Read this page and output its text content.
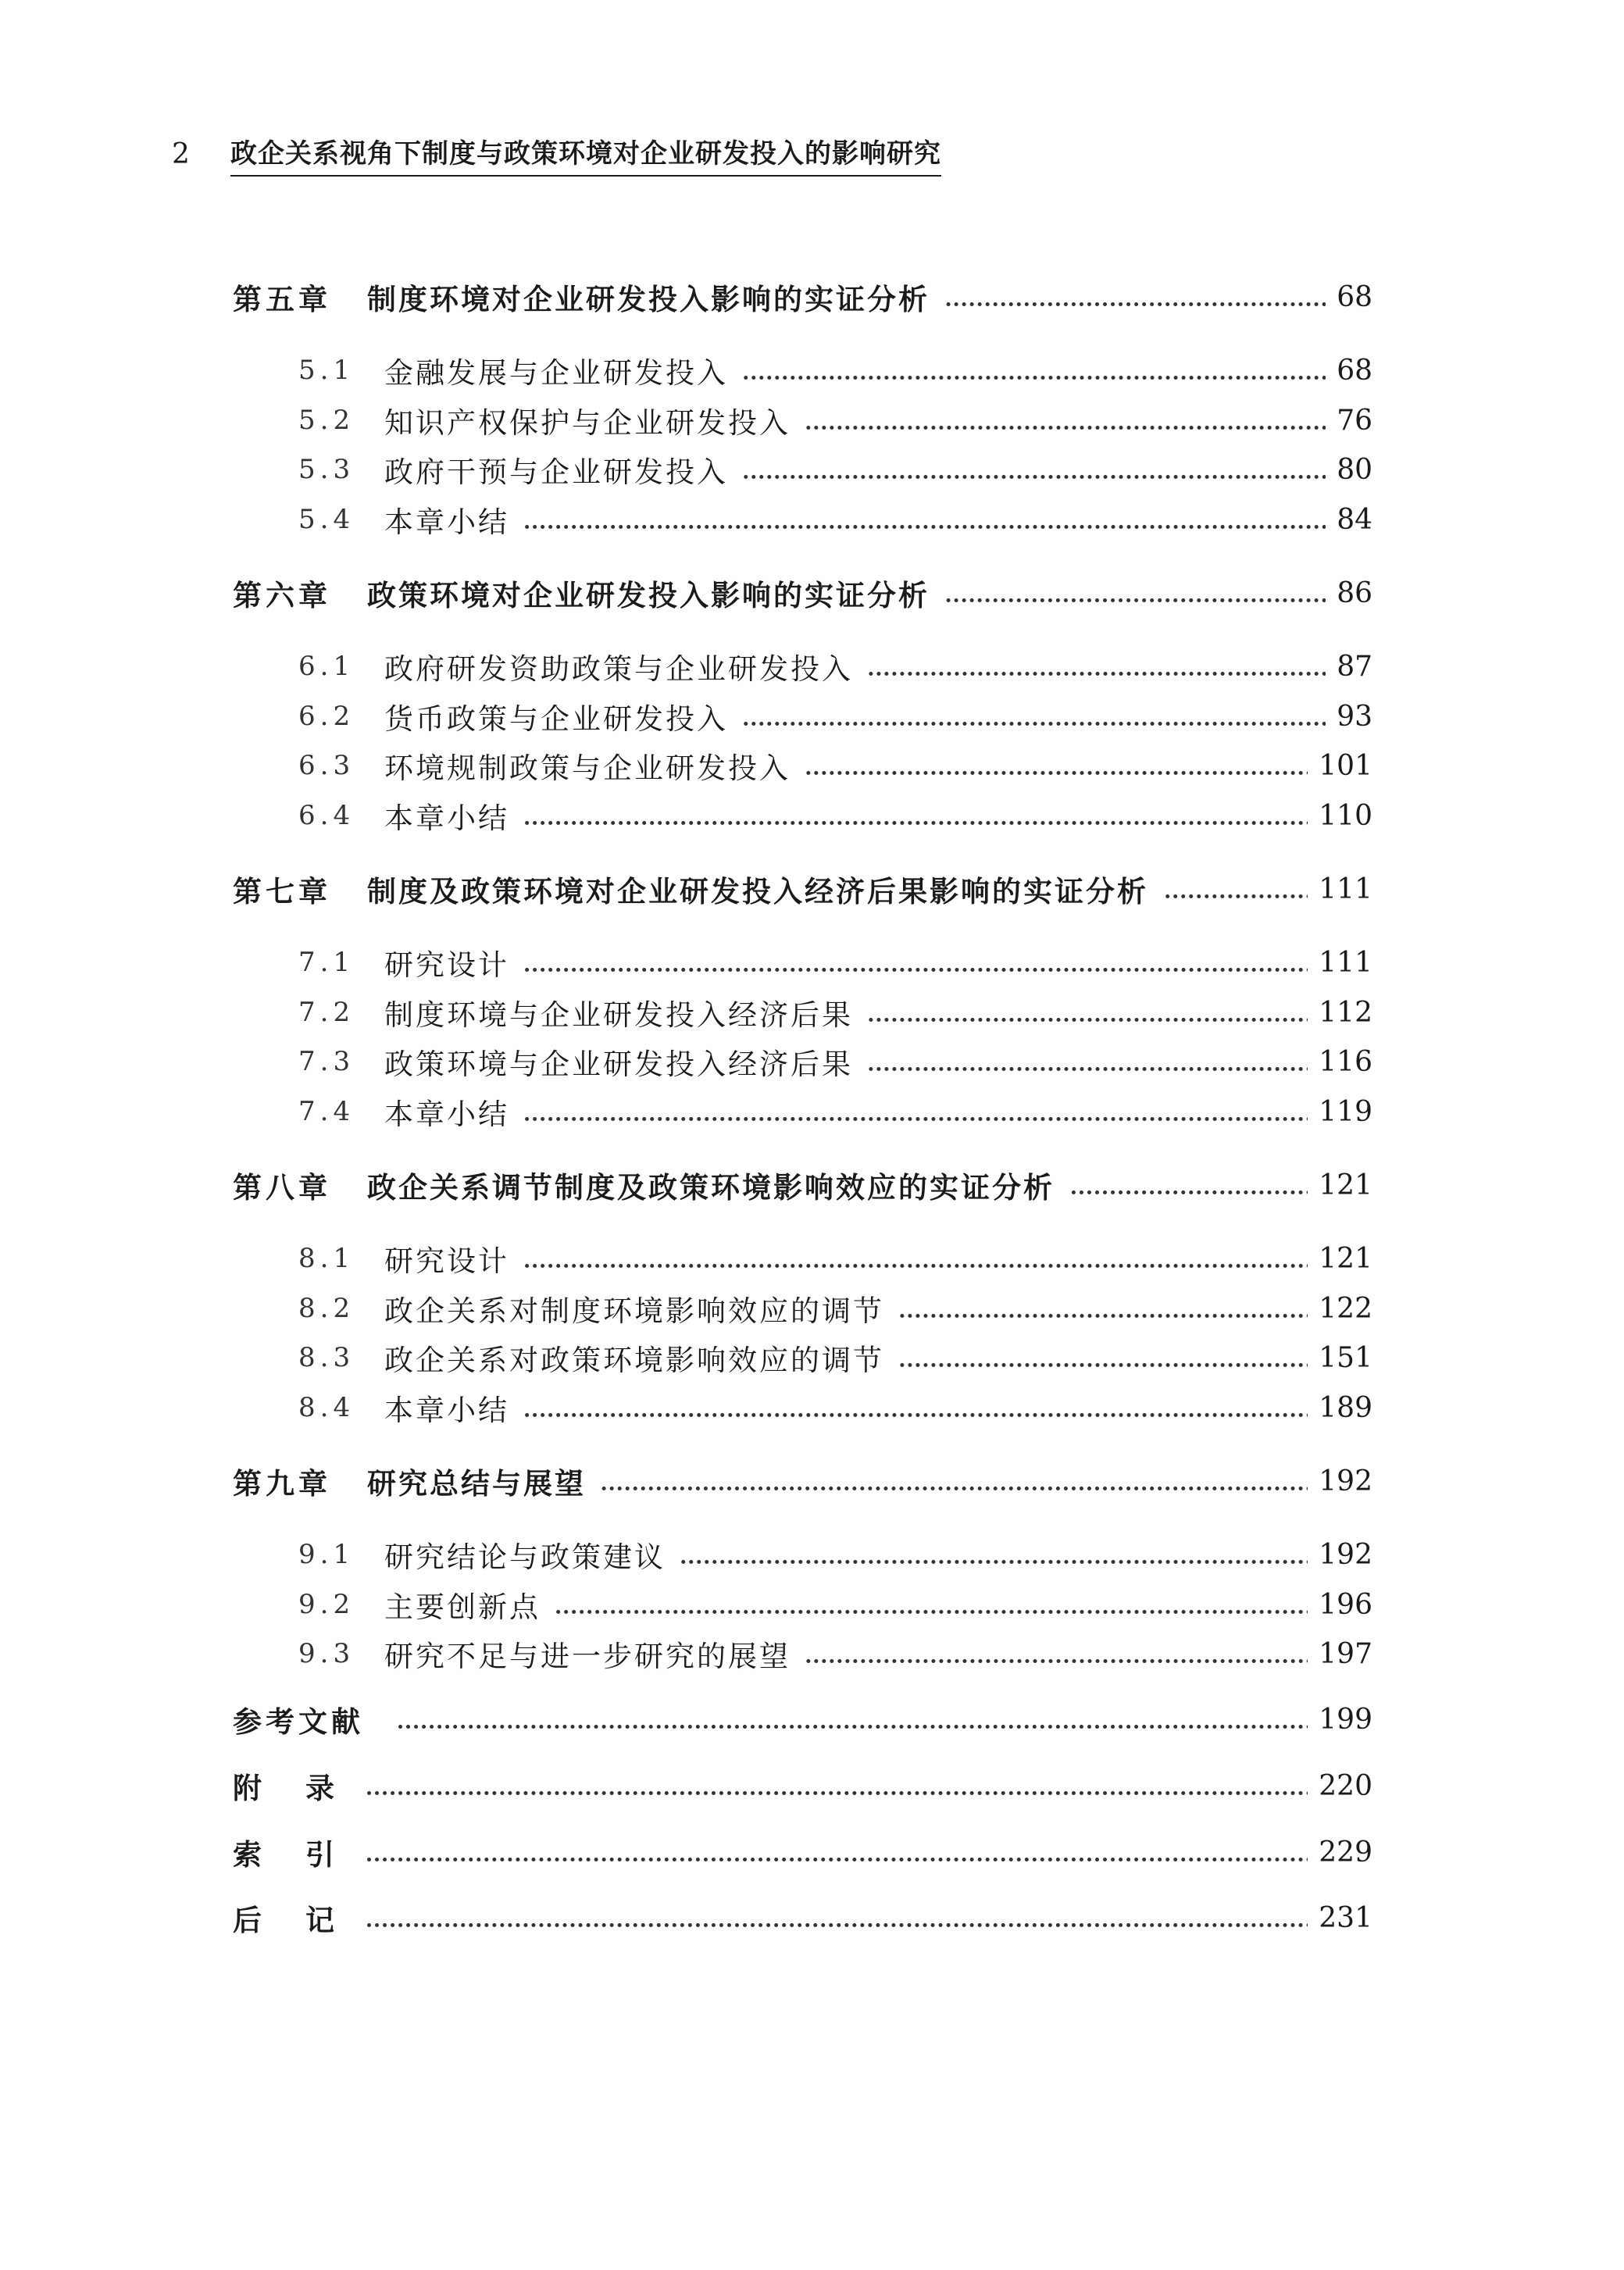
2	政企关系视角下制度与政策环境对企业研发投入的影响研究
第五章 制度环境对企业研发投入影响的实证分析	68
5.1 金融发展与企业研发投入	68
5.2 知识产权保护与企业研发投入	76
5.3 政府干预与企业研发投入	80
5.4 本章小结	84
第六章 政策环境对企业研发投入影响的实证分析	86
6.1 政府研发资助政策与企业研发投入	87
6.2 货币政策与企业研发投入	93
6.3 环境规制政策与企业研发投入	101
6.4 本章小结	110
第七章 制度及政策环境对企业研发投入经济后果影响的实证分析	111
7.1 研究设计	111
7.2 制度环境与企业研发投入经济后果	112
7.3 政策环境与企业研发投入经济后果	116
7.4 本章小结	119
第八章 政企关系调节制度及政策环境影响效应的实证分析	121
8.1 研究设计	121
8.2 政企关系对制度环境影响效应的调节	122
8.3 政企关系对政策环境影响效应的调节	151
8.4 本章小结	189
第九章 研究总结与展望	192
9.1 研究结论与政策建议	192
9.2 主要创新点	196
9.3 研究不足与进一步研究的展望	197
参考文献	199
附录	220
索引	229
后记	231
